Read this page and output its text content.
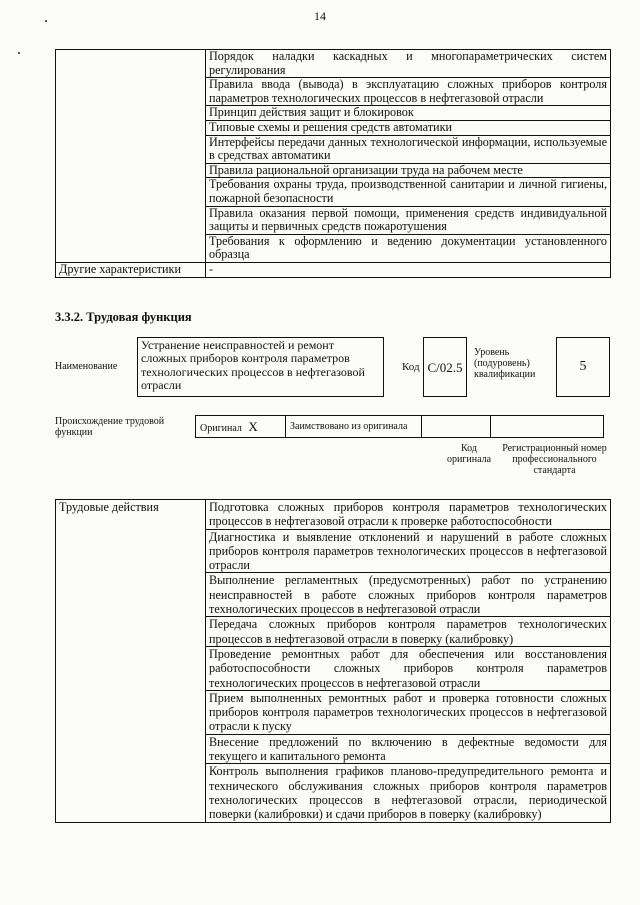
14
	Порядок наладки каскадных и многопараметрических систем регулирования
	Правила ввода (вывода) в эксплуатацию сложных приборов контроля параметров технологических процессов в нефтегазовой отрасли
	Принцип действия защит и блокировок
	Типовые схемы и решения средств автоматики
	Интерфейсы передачи данных технологической информации, используемые в средствах автоматики
	Правила рациональной организации труда на рабочем месте
	Требования охраны труда, производственной санитарии и личной гигиены, пожарной безопасности
	Правила оказания первой помощи, применения средств индивидуальной защиты и первичных средств пожаротушения
	Требования к оформлению и ведению документации установленного образца
Другие характеристики	-
3.3.2. Трудовая функция
Наименование
Устранение неисправностей и ремонт сложных приборов контроля параметров технологических процессов в нефтегазовой отрасли
Код C/02.5
Уровень (подуровень) квалификации
5
Происхождение трудовой функции	Оригинал X	Заимствовано из оригинала		
Код оригинала
Регистрационный номер профессионального стандарта
Трудовые действия	Подготовка сложных приборов контроля параметров технологических процессов в нефтегазовой отрасли к проверке работоспособности
Диагностика и выявление отклонений и нарушений в работе сложных приборов контроля параметров технологических процессов в нефтегазовой отрасли
Выполнение регламентных (предусмотренных) работ по устранению неисправностей в работе сложных приборов контроля параметров технологических процессов в нефтегазовой отрасли
Передача сложных приборов контроля параметров технологических процессов в нефтегазовой отрасли в поверку (калибровку)
Проведение ремонтных работ для обеспечения или восстановления работоспособности сложных приборов контроля параметров технологических процессов в нефтегазовой отрасли
Прием выполненных ремонтных работ и проверка готовности сложных приборов контроля параметров технологических процессов в нефтегазовой отрасли к пуску
Внесение предложений по включению в дефектные ведомости для текущего и капитального ремонта
Контроль выполнения графиков планово-предупредительного ремонта и технического обслуживания сложных приборов контроля параметров технологических процессов в нефтегазовой отрасли, периодической поверки (калибровки) и сдачи приборов в поверку (калибровку)
